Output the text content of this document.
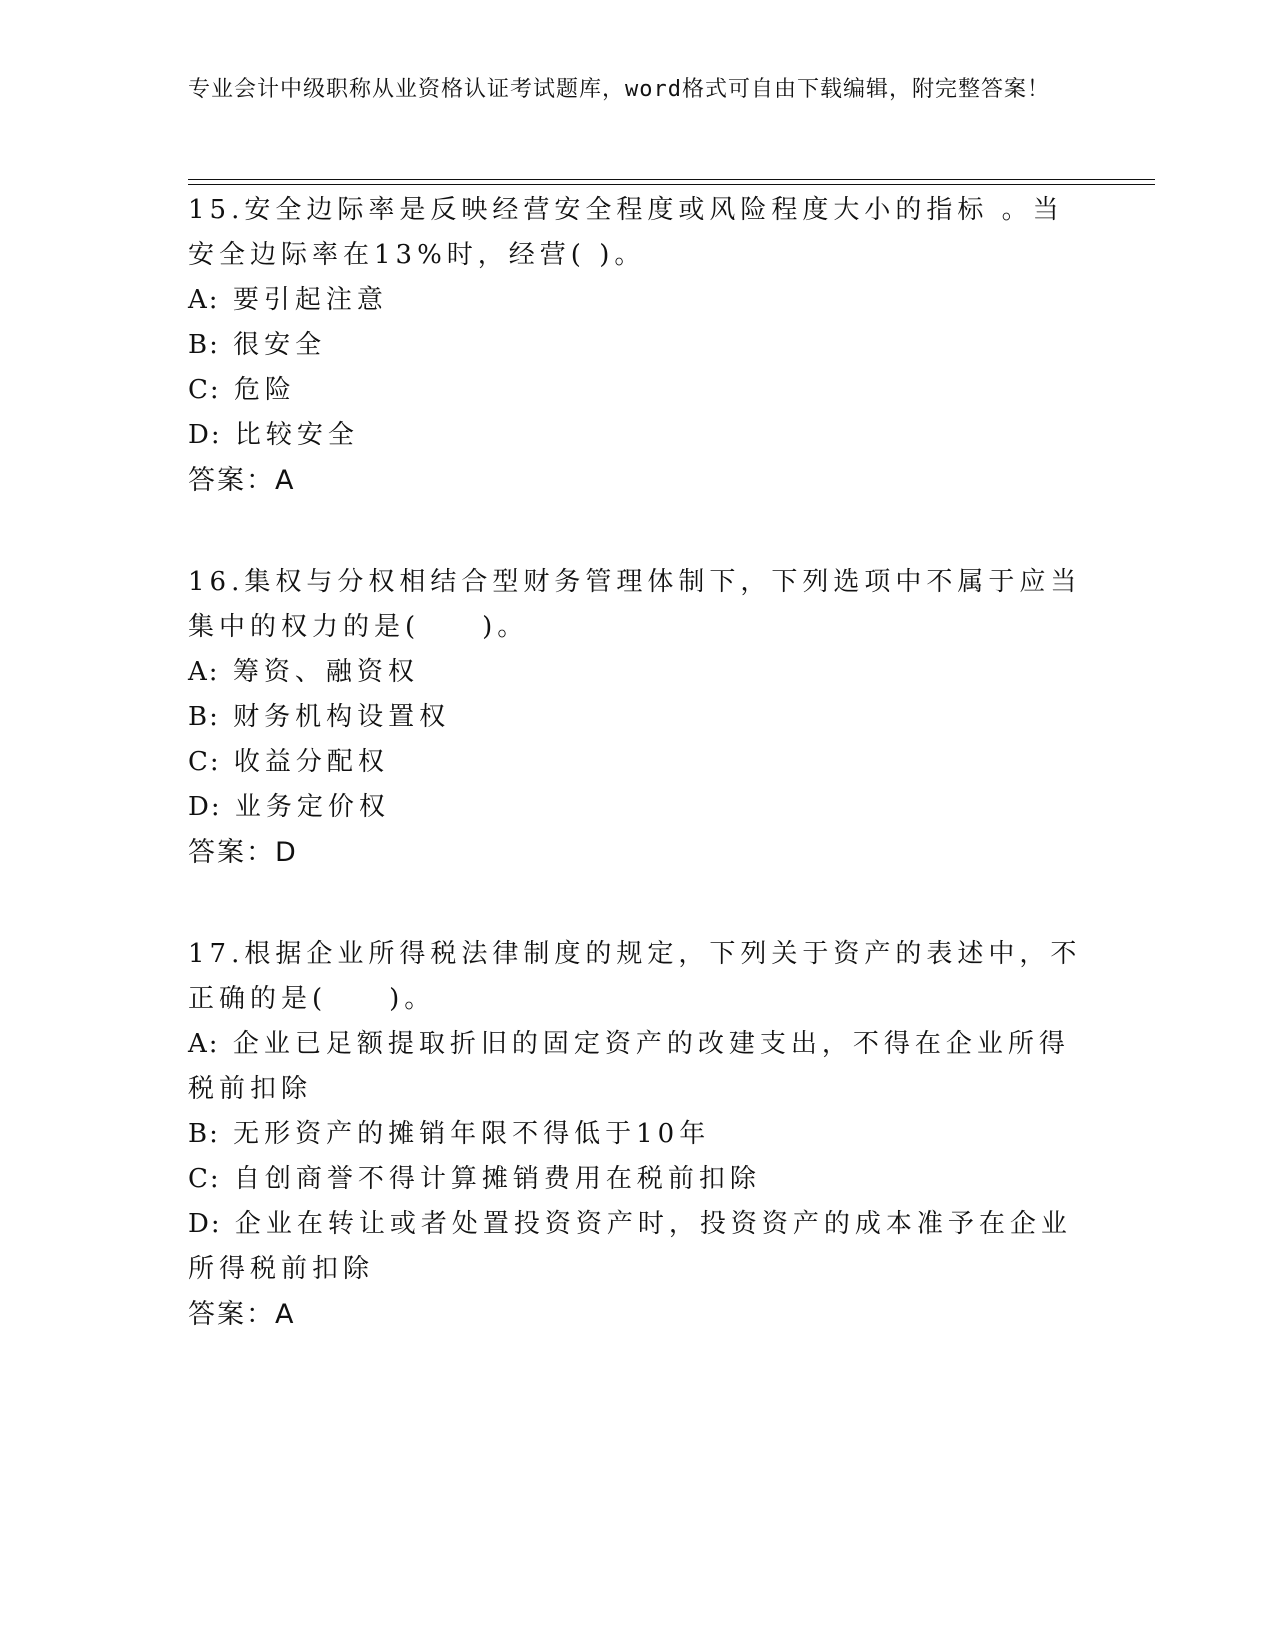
专业会计中级职称从业资格认证考试题库，word格式可自由下载编辑，附完整答案！

15.安全边际率是反映经营安全程度或风险程度大小的指标 。当安全边际率在13%时，经营( )。

A: 要引起注意

B: 很安全

C: 危险

D: 比较安全

答案：A

16.集权与分权相结合型财务管理体制下，下列选项中不属于应当集中的权力的是(　　)。

A: 筹资、融资权

B: 财务机构设置权

C: 收益分配权

D: 业务定价权

答案：D

17.根据企业所得税法律制度的规定，下列关于资产的表述中，不正确的是(　　)。

A: 企业已足额提取折旧的固定资产的改建支出，不得在企业所得税前扣除

B: 无形资产的摊销年限不得低于10年

C: 自创商誉不得计算摊销费用在税前扣除

D: 企业在转让或者处置投资资产时，投资资产的成本准予在企业所得税前扣除

答案：A
